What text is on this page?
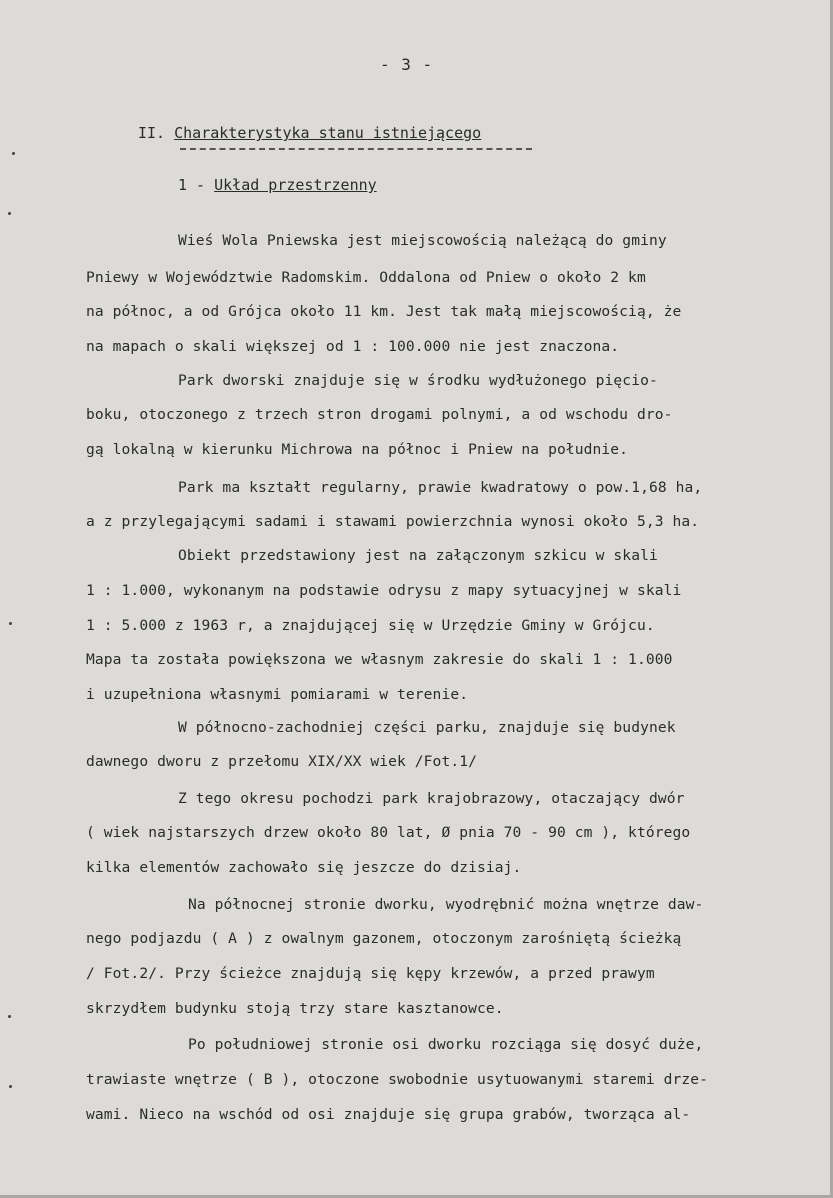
- 3 -
II. Charakterystyka stanu istniejącego
1 - Układ przestrzenny
Wieś Wola Pniewska jest miejscowością należącą do gminy
Pniewy w Województwie Radomskim. Oddalona od Pniew o około 2 km
na północ, a od Grójca około 11 km. Jest tak małą miejscowością, że
na mapach o skali większej od 1 : 100.000 nie jest znaczona.
Park dworski znajduje się w środku wydłużonego pięcio-
boku, otoczonego z trzech stron drogami polnymi, a od wschodu dro-
gą lokalną w kierunku Michrowa na północ i Pniew na południe.
Park ma kształt regularny, prawie kwadratowy o pow.1,68 ha,
a z przylegającymi sadami i stawami powierzchnia wynosi około 5,3 ha.
Obiekt przedstawiony jest na załączonym szkicu w skali
1 : 1.000, wykonanym na podstawie odrysu z mapy sytuacyjnej w skali
1 : 5.000 z 1963 r, a znajdującej się w Urzędzie Gminy w Grójcu.
Mapa ta została powiększona we własnym zakresie do skali 1 : 1.000
i uzupełniona własnymi pomiarami w terenie.
W północno-zachodniej części parku, znajduje się budynek
dawnego dworu z przełomu XIX/XX wiek /Fot.1/
Z tego okresu pochodzi park krajobrazowy, otaczający dwór
( wiek najstarszych drzew około 80 lat, Ø pnia 70 - 90 cm ), którego
kilka elementów zachowało się jeszcze do dzisiaj.
Na północnej stronie dworku, wyodrębnić można wnętrze daw-
nego podjazdu ( A ) z owalnym gazonem, otoczonym zarośniętą ścieżką
/ Fot.2/. Przy ścieżce znajdują się kępy krzewów, a przed prawym
skrzydłem budynku stoją trzy stare kasztanowce.
Po południowej stronie osi dworku rozciąga się dosyć duże,
trawiaste wnętrze ( B ), otoczone swobodnie usytuowanymi staremi drze-
wami. Nieco na wschód od osi znajduje się grupa grabów, tworząca al-
